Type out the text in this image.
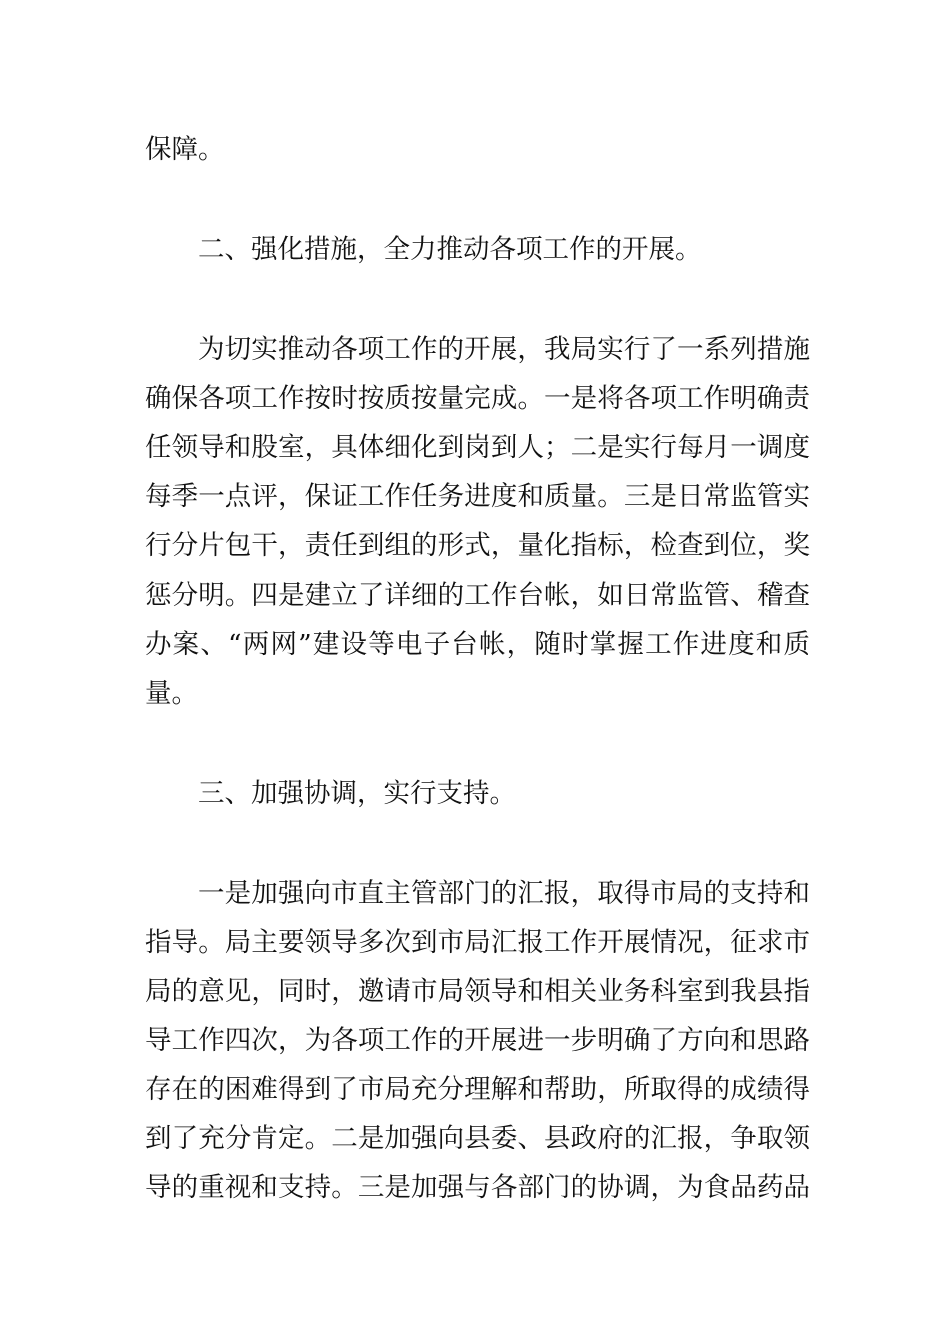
保障。
二、强化措施，全力推动各项工作的开展。
为切实推动各项工作的开展，我局实行了一系列措施
确保各项工作按时按质按量完成。一是将各项工作明确责
任领导和股室，具体细化到岗到人；二是实行每月一调度
每季一点评，保证工作任务进度和质量。三是日常监管实
行分片包干，责任到组的形式，量化指标，检查到位，奖
惩分明。四是建立了详细的工作台帐，如日常监管、稽查
办案、“两网”建设等电子台帐，随时掌握工作进度和质
量。
三、加强协调，实行支持。
一是加强向市直主管部门的汇报，取得市局的支持和
指导。局主要领导多次到市局汇报工作开展情况，征求市
局的意见，同时，邀请市局领导和相关业务科室到我县指
导工作四次，为各项工作的开展进一步明确了方向和思路
存在的困难得到了市局充分理解和帮助，所取得的成绩得
到了充分肯定。二是加强向县委、县政府的汇报，争取领
导的重视和支持。三是加强与各部门的协调，为食品药品
